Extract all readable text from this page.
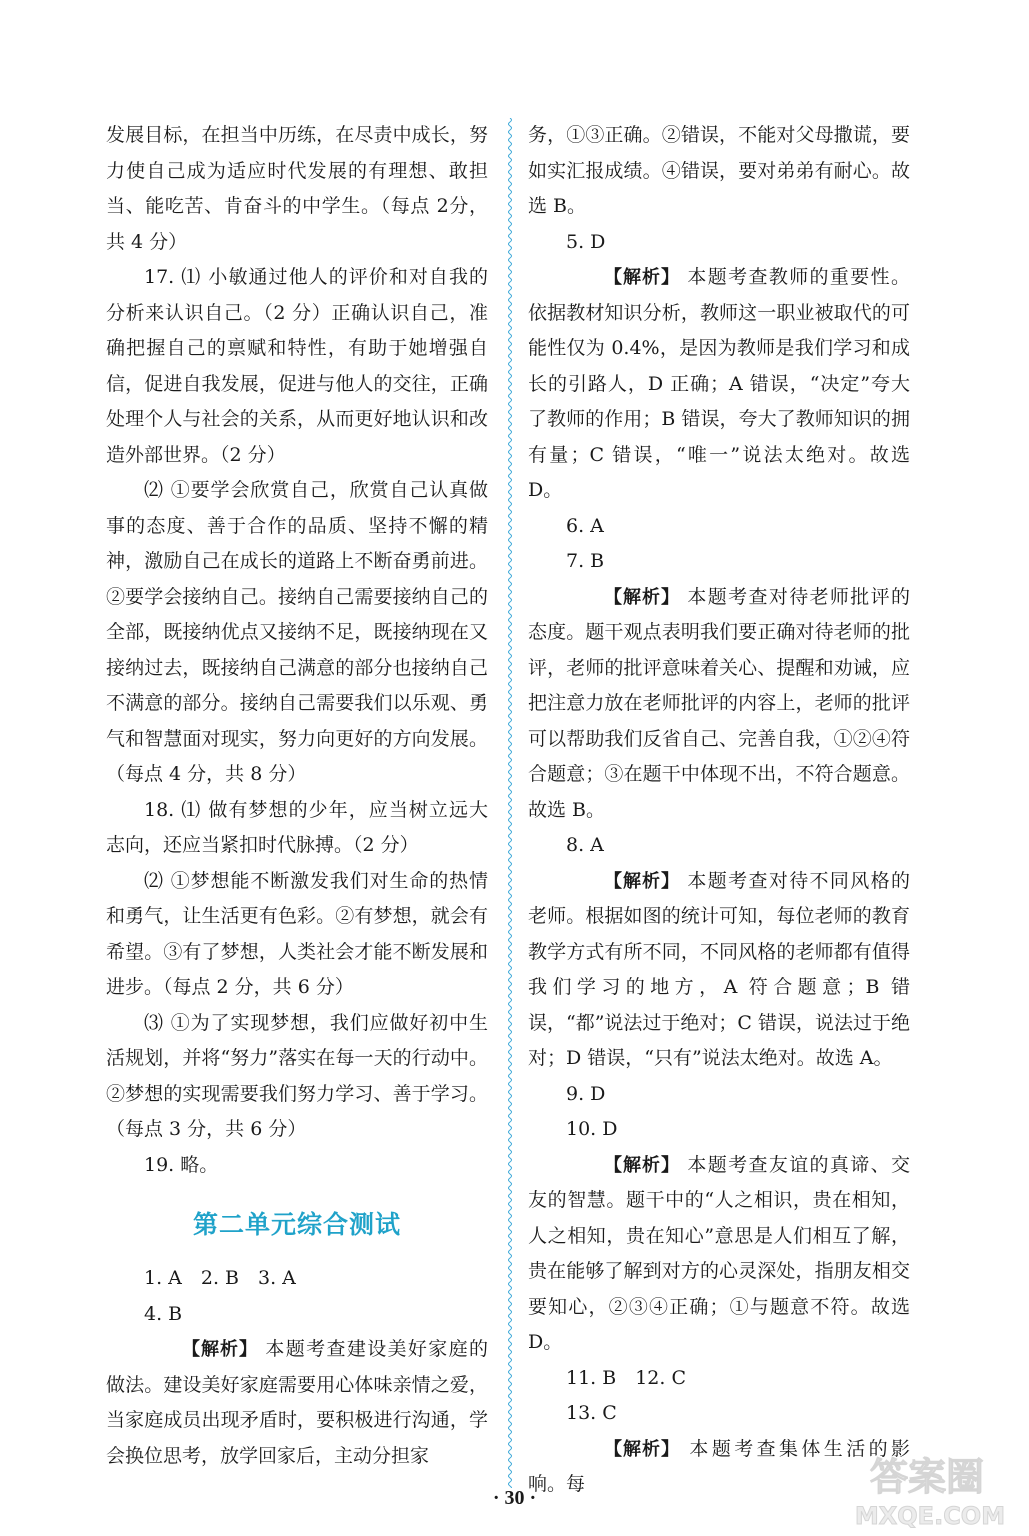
发展目标，在担当中历练，在尽责中成长，努力使自己成为适应时代发展的有理想、敢担当、能吃苦、肯奋斗的中学生。（每点 2分，共 4 分）

17. ⑴ 小敏通过他人的评价和对自我的分析来认识自己。（2 分）正确认识自己，准确把握自己的禀赋和特性，有助于她增强自信，促进自我发展，促进与他人的交往，正确处理个人与社会的关系，从而更好地认识和改造外部世界。（2 分）

⑵ ①要学会欣赏自己，欣赏自己认真做事的态度、善于合作的品质、坚持不懈的精神，激励自己在成长的道路上不断奋勇前进。②要学会接纳自己。接纳自己需要接纳自己的全部，既接纳优点又接纳不足，既接纳现在又接纳过去，既接纳自己满意的部分也接纳自己不满意的部分。接纳自己需要我们以乐观、勇气和智慧面对现实，努力向更好的方向发展。（每点 4 分，共 8 分）

18. ⑴ 做有梦想的少年，应当树立远大志向，还应当紧扣时代脉搏。（2 分）

⑵ ①梦想能不断激发我们对生命的热情和勇气，让生活更有色彩。②有梦想，就会有希望。③有了梦想，人类社会才能不断发展和进步。（每点 2 分，共 6 分）

⑶ ①为了实现梦想，我们应做好初中生活规划，并将“努力”落实在每一天的行动中。②梦想的实现需要我们努力学习、善于学习。（每点 3 分，共 6 分）

19. 略。

第二单元综合测试

1. A　2. B　3. A

4. B

【解析】 本题考查建设美好家庭的做法。建设美好家庭需要用心体味亲情之爱，当家庭成员出现矛盾时，要积极进行沟通，学会换位思考，放学回家后，主动分担家

务，①③正确。②错误，不能对父母撒谎，要如实汇报成绩。④错误，要对弟弟有耐心。故选 B。

5. D

【解析】 本题考查教师的重要性。依据教材知识分析，教师这一职业被取代的可能性仅为 0.4%，是因为教师是我们学习和成长的引路人，D 正确；A 错误，“决定”夸大了教师的作用；B 错误，夸大了教师知识的拥有量；C 错误，“唯一”说法太绝对。故选 D。

6. A

7. B

【解析】 本题考查对待老师批评的态度。题干观点表明我们要正确对待老师的批评，老师的批评意味着关心、提醒和劝诫，应把注意力放在老师批评的内容上，老师的批评可以帮助我们反省自己、完善自我，①②④符合题意；③在题干中体现不出，不符合题意。故选 B。

8. A

【解析】 本题考查对待不同风格的老师。根据如图的统计可知，每位老师的教育教学方式有所不同，不同风格的老师都有值得我们学习的地方，A 符合题意；B 错误，“都”说法过于绝对；C 错误，说法过于绝对；D 错误，“只有”说法太绝对。故选 A。

9. D

10. D

【解析】 本题考查友谊的真谛、交友的智慧。题干中的“人之相识，贵在相知，人之相知，贵在知心”意思是人们相互了解，贵在能够了解到对方的心灵深处，指朋友相交要知心，②③④正确；①与题意不符。故选 D。

11. B　12. C

13. C

【解析】 本题考查集体生活的影响。每

· 30 ·	答案圈
MXQE.COM
